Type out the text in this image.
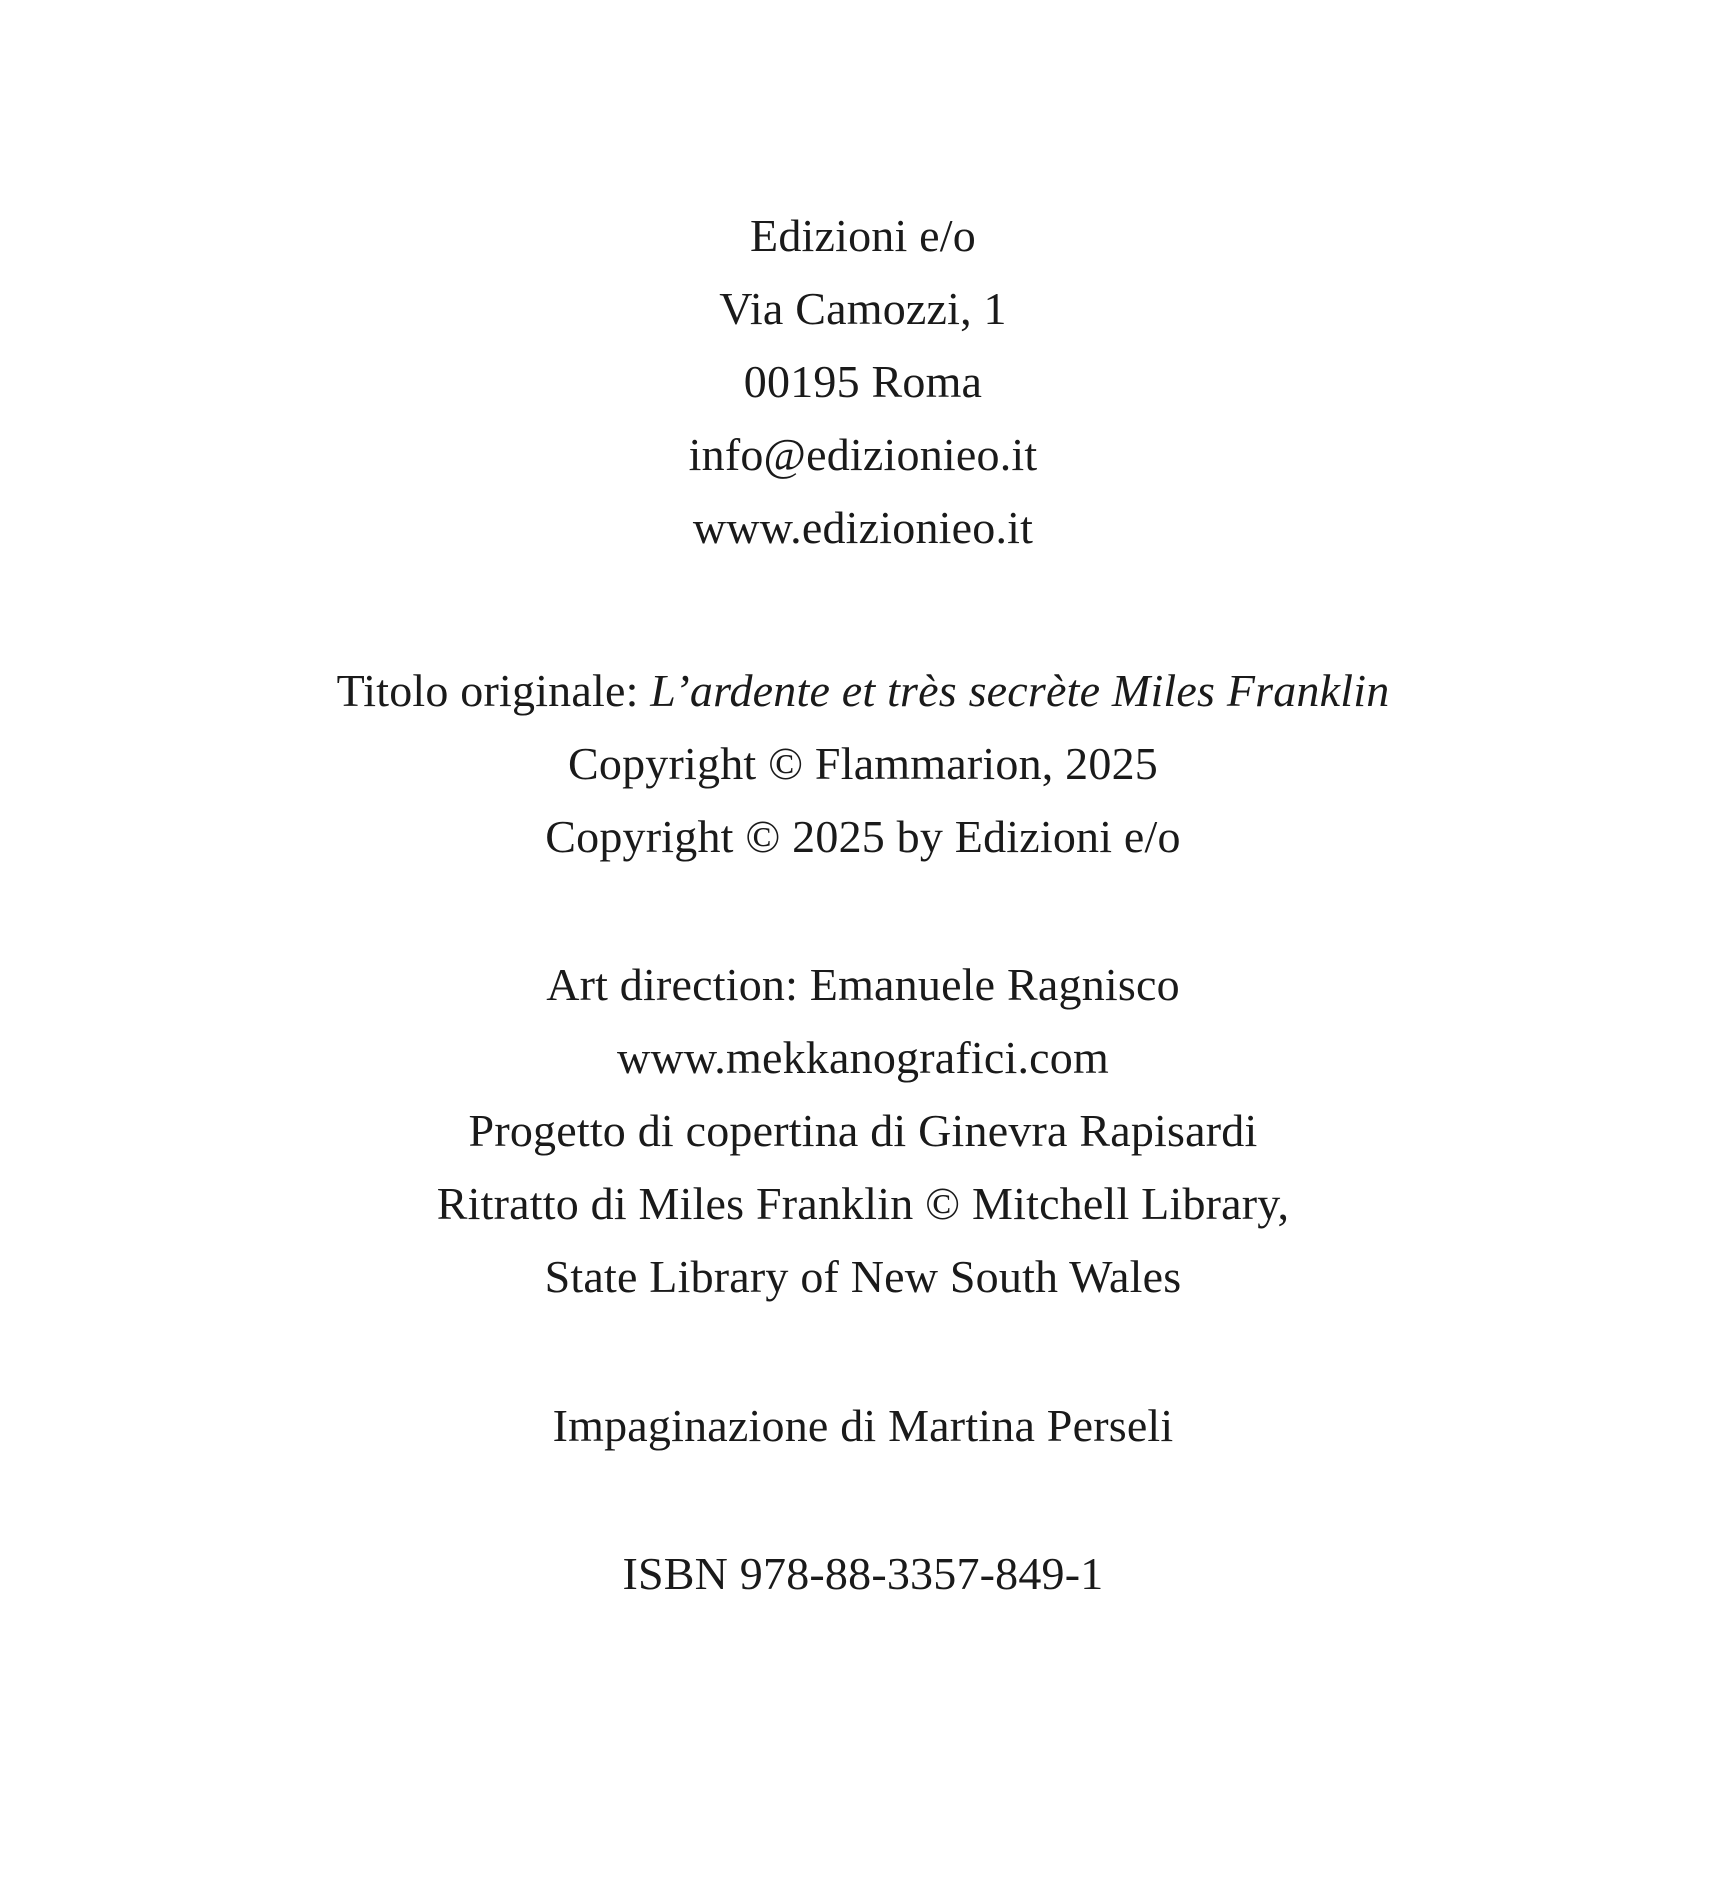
Edizioni e/o
Via Camozzi, 1
00195 Roma
info@edizionieo.it
www.edizionieo.it
Titolo originale: L’ardente et très secrète Miles Franklin
Copyright © Flammarion, 2025
Copyright © 2025 by Edizioni e/o
Art direction: Emanuele Ragnisco
www.mekkanografici.com
Progetto di copertina di Ginevra Rapisardi
Ritratto di Miles Franklin © Mitchell Library,
State Library of New South Wales
Impaginazione di Martina Perseli
ISBN 978-88-3357-849-1
